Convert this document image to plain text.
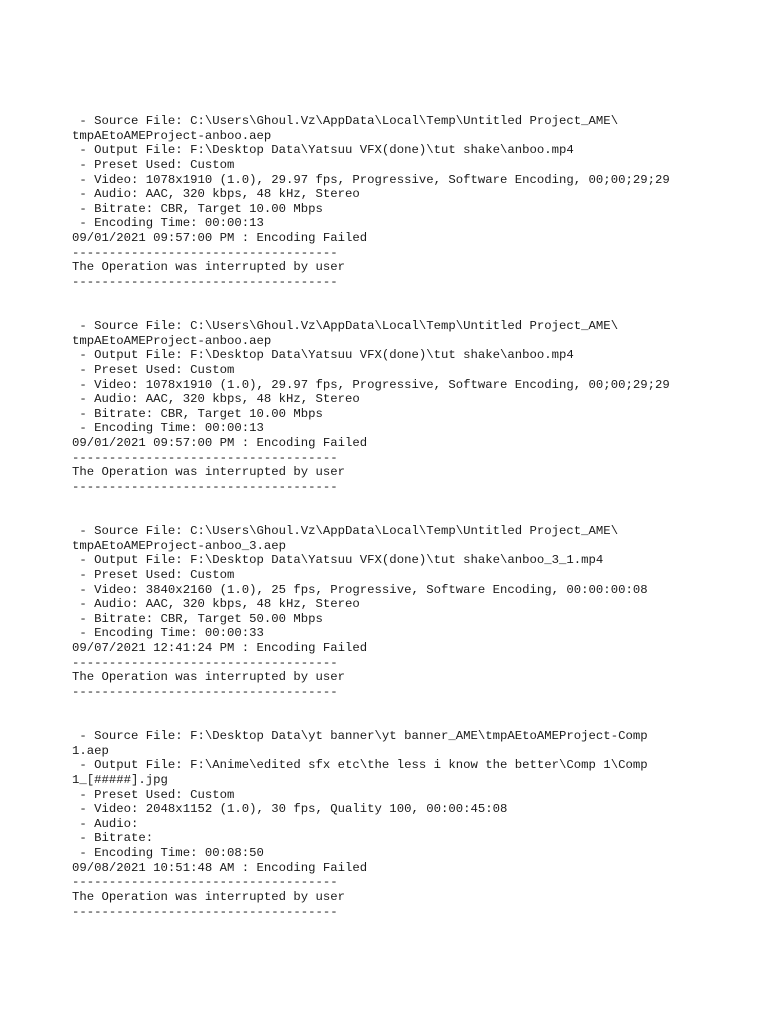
- Source File: C:\Users\Ghoul.Vz\AppData\Local\Temp\Untitled Project_AME\
tmpAEtoAMEProject-anboo.aep
- Output File: F:\Desktop Data\Yatsuu VFX(done)\tut shake\anboo.mp4
- Preset Used: Custom
- Video: 1078x1910 (1.0), 29.97 fps, Progressive, Software Encoding, 00;00;29;29
- Audio: AAC, 320 kbps, 48 kHz, Stereo
- Bitrate: CBR, Target 10.00 Mbps
- Encoding Time: 00:00:13
09/01/2021 09:57:00 PM : Encoding Failed
------------------------------------
The Operation was interrupted by user
------------------------------------
- Source File: C:\Users\Ghoul.Vz\AppData\Local\Temp\Untitled Project_AME\
tmpAEtoAMEProject-anboo.aep
- Output File: F:\Desktop Data\Yatsuu VFX(done)\tut shake\anboo.mp4
- Preset Used: Custom
- Video: 1078x1910 (1.0), 29.97 fps, Progressive, Software Encoding, 00;00;29;29
- Audio: AAC, 320 kbps, 48 kHz, Stereo
- Bitrate: CBR, Target 10.00 Mbps
- Encoding Time: 00:00:13
09/01/2021 09:57:00 PM : Encoding Failed
------------------------------------
The Operation was interrupted by user
------------------------------------
- Source File: C:\Users\Ghoul.Vz\AppData\Local\Temp\Untitled Project_AME\
tmpAEtoAMEProject-anboo_3.aep
- Output File: F:\Desktop Data\Yatsuu VFX(done)\tut shake\anboo_3_1.mp4
- Preset Used: Custom
- Video: 3840x2160 (1.0), 25 fps, Progressive, Software Encoding, 00:00:00:08
- Audio: AAC, 320 kbps, 48 kHz, Stereo
- Bitrate: CBR, Target 50.00 Mbps
- Encoding Time: 00:00:33
09/07/2021 12:41:24 PM : Encoding Failed
------------------------------------
The Operation was interrupted by user
------------------------------------
- Source File: F:\Desktop Data\yt banner\yt banner_AME\tmpAEtoAMEProject-Comp
1.aep
- Output File: F:\Anime\edited sfx etc\the less i know the better\Comp 1\Comp
1_[#####].jpg
- Preset Used: Custom
- Video: 2048x1152 (1.0), 30 fps, Quality 100, 00:00:45:08
- Audio:
- Bitrate:
- Encoding Time: 00:08:50
09/08/2021 10:51:48 AM : Encoding Failed
------------------------------------
The Operation was interrupted by user
------------------------------------
